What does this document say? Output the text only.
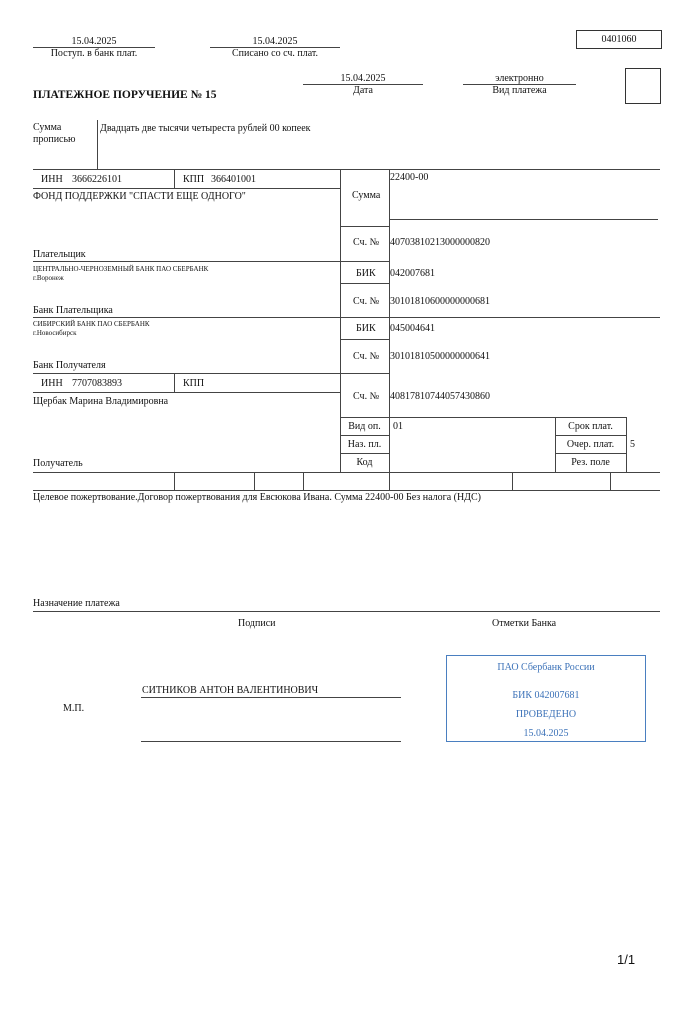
15.04.2025
Поступ. в банк плат.
15.04.2025
Списано со сч. плат.
0401060
15.04.2025
Дата
электронно
Вид платежа
ПЛАТЕЖНОЕ ПОРУЧЕНИЕ № 15
Сумма прописью
Двадцать две тысячи четыреста рублей 00 копеек
ИНН 3666226101	КПП 366401001
ФОНД ПОДДЕРЖКИ "СПАСТИ ЕЩЕ ОДНОГО"	Сумма
22400-00
Сч. № 40703810213000000820
Плательщик
ЦЕНТРАЛЬНО-ЧЕРНОЗЕМНЫЙ БАНК ПАО СБЕРБАНК
г.Воронеж	БИК 042007681
Сч. № 30101810600000000681
Банк Плательщика
СИБИРСКИЙ БАНК ПАО СБЕРБАНК
г.Новосибирск	БИК 045004641
Сч. № 30101810500000000641
Банк Получателя
ИНН 7707083893	КПП
Щербак Марина Владимировна	Сч. № 40817810744057430860
Вид оп.	01
Наз. пл.
Код
Срок плат.
Очер. плат.	5
Рез. поле
Получатель
Целевое пожертвование.Договор пожертвования для Евсюкова Ивана. Сумма 22400-00 Без налога (НДС)
Назначение платежа
Подписи	Отметки Банка
СИТНИКОВ АНТОН ВАЛЕНТИНОВИЧ
М.П.
ПАО Сбербанк России
БИК 042007681
ПРОВЕДЕНО
15.04.2025
1/1
